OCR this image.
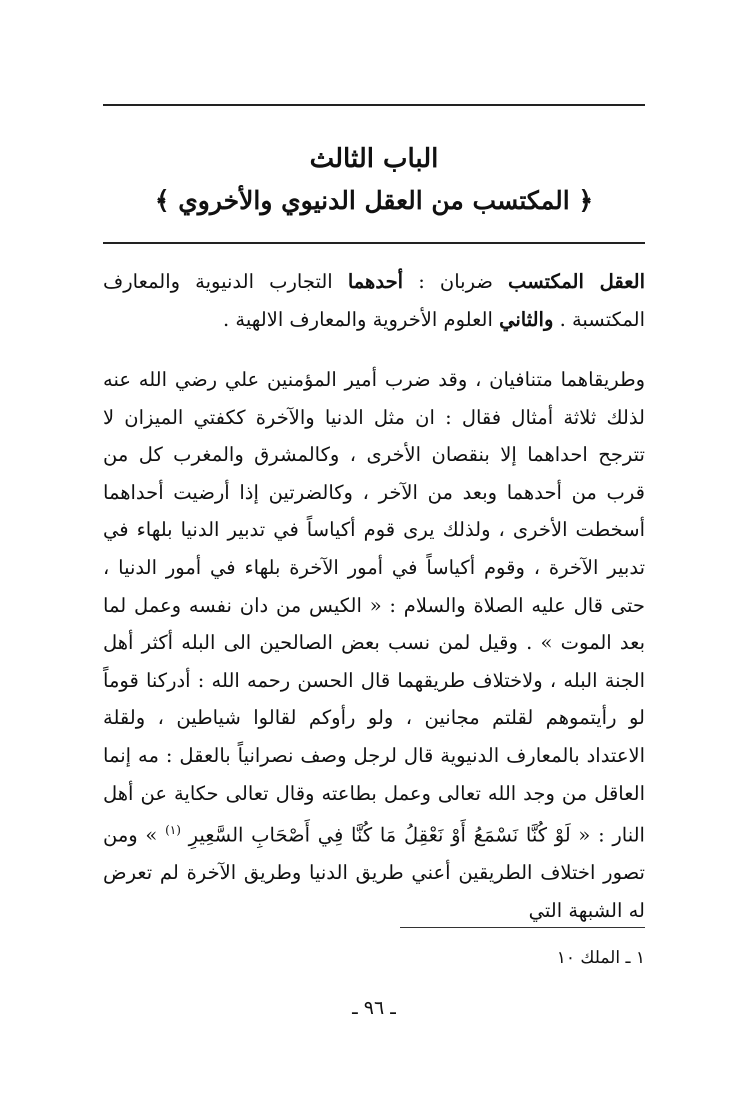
الباب الثالث
﴿ المكتسب من العقل الدنيوي والأخروي ﴾

العقل المكتسب ضربان : أحدهما التجارب الدنيوية والمعارف المكتسبة . والثاني العلوم الأخروية والمعارف الالهية .

وطريقاهما متنافيان ، وقد ضرب أمير المؤمنين علي رضي الله عنه لذلك ثلاثة أمثال فقال : ان مثل الدنيا والآخرة ككفتي الميزان لا تترجح احداهما إلا بنقصان الأخرى ، وكالمشرق والمغرب كل من قرب من أحدهما وبعد من الآخر ، وكالضرتين إذا أرضيت أحداهما أسخطت الأخرى ، ولذلك يرى قوم أكياساً في تدبير الدنيا بلهاء في تدبير الآخرة ، وقوم أكياساً في أمور الآخرة بلهاء في أمور الدنيا ، حتى قال عليه الصلاة والسلام : « الكيس من دان نفسه وعمل لما بعد الموت » . وقيل لمن نسب بعض الصالحين الى البله أكثر أهل الجنة البله ، ولاختلاف طريقهما قال الحسن رحمه الله : أدركنا قوماً لو رأيتموهم لقلتم مجانين ، ولو رأوكم لقالوا شياطين ، ولقلة الاعتداد بالمعارف الدنيوية قال لرجل وصف نصرانياً بالعقل : مه إنما العاقل من وجد الله تعالى وعمل بطاعته وقال تعالى حكاية عن أهل النار : « لَوْ كُنَّا نَسْمَعُ أَوْ نَعْقِلُ مَا كُنَّا فِي أَصْحَابِ السَّعِيرِ $^{(١)}$ » ومن تصور اختلاف الطريقين أعني طريق الدنيا وطريق الآخرة لم تعرض له الشبهة التي

١ ـ الملك ١٠
ـ ٩٦ ـ
